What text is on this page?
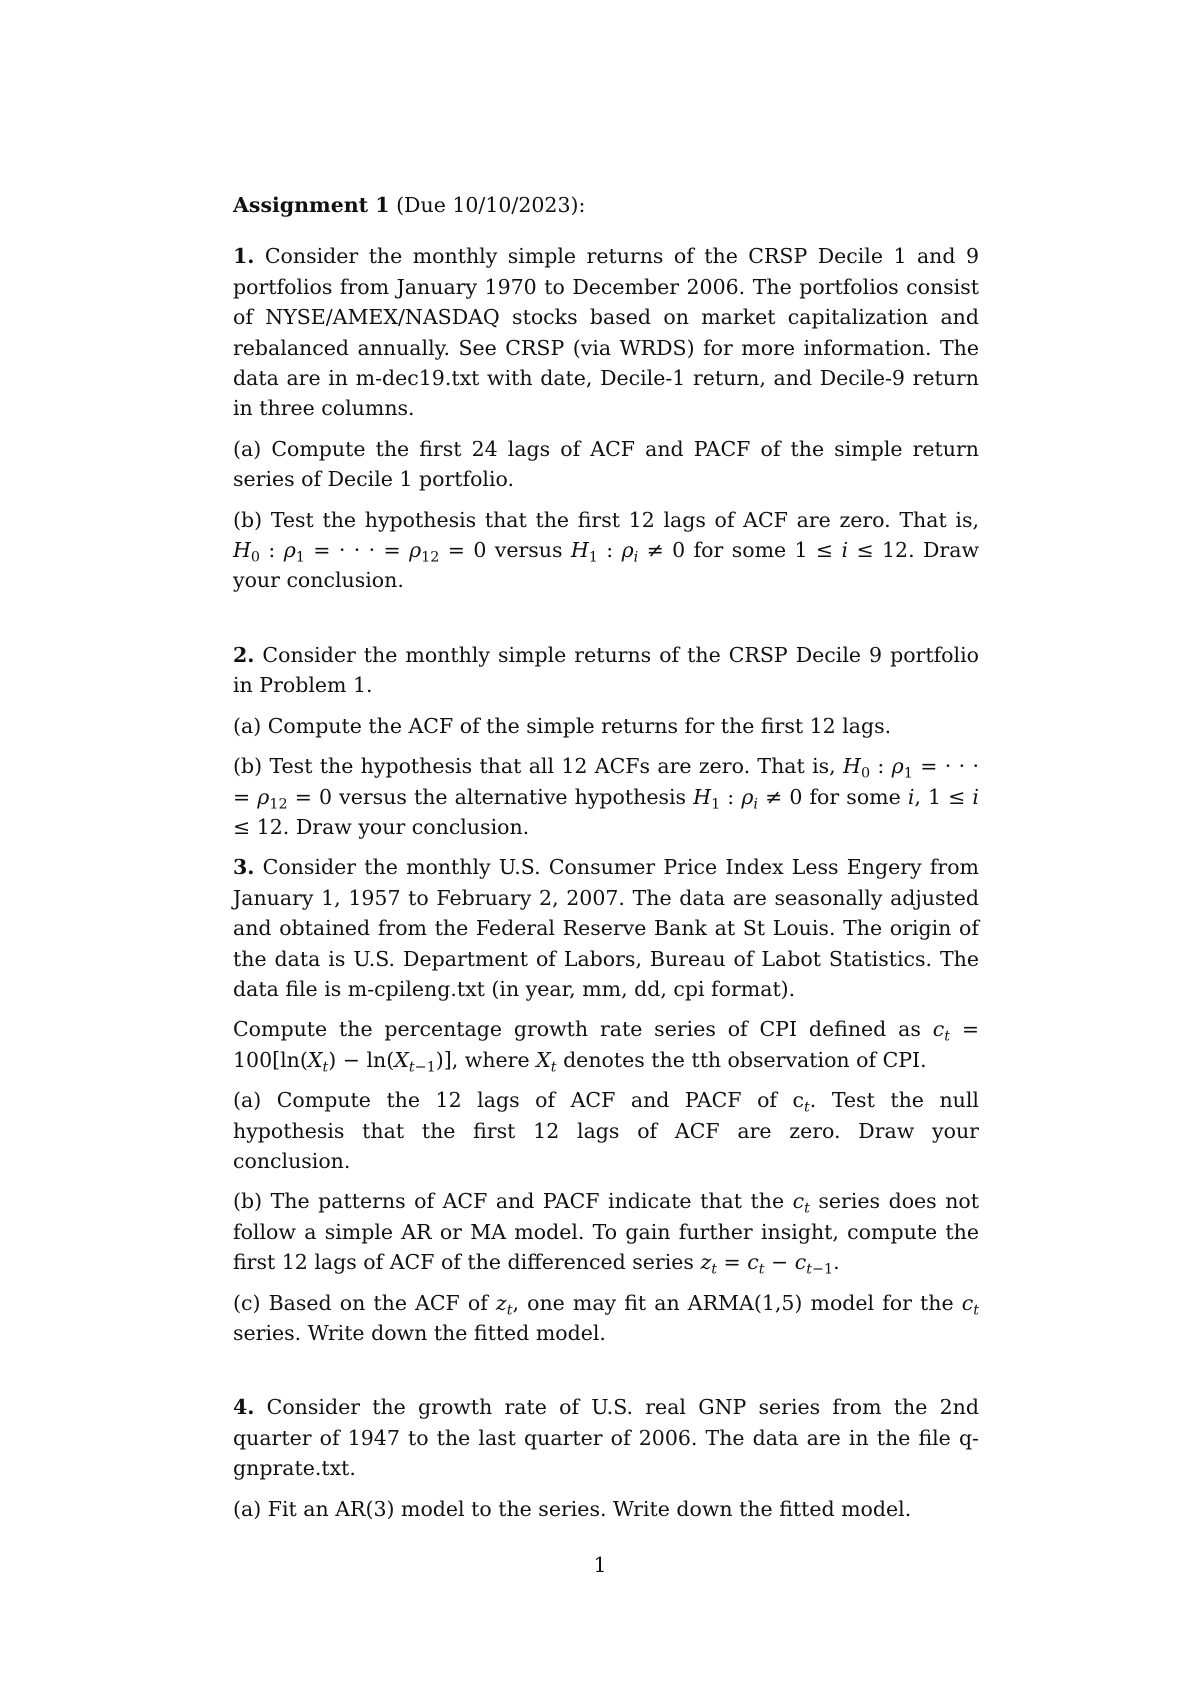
Assignment 1 (Due 10/10/2023):

1. Consider the monthly simple returns of the CRSP Decile 1 and 9 portfolios from January 1970 to December 2006. The portfolios consist of NYSE/AMEX/NASDAQ stocks based on market capitalization and rebalanced annually. See CRSP (via WRDS) for more information. The data are in m-dec19.txt with date, Decile-1 return, and Decile-9 return in three columns.

(a) Compute the first 24 lags of ACF and PACF of the simple return series of Decile 1 portfolio.

(b) Test the hypothesis that the first 12 lags of ACF are zero. That is, $H_0$ : $\rho_1$ = · · · = $\rho_{12} = 0$ versus $H_1$ : $\rho_i \ne 0$ for some 1 ≤ i ≤ 12. Draw your conclusion.

2. Consider the monthly simple returns of the CRSP Decile 9 portfolio in Problem 1.

(a) Compute the ACF of the simple returns for the first 12 lags.

(b) Test the hypothesis that all 12 ACFs are zero. That is, $H_0$ : $\rho_1$ = · · · = $\rho_{12} = 0$ versus the alternative hypothesis $H_1$ : $\rho_i \ne 0$ for some i, 1 ≤ i ≤ 12. Draw your conclusion.

3. Consider the monthly U.S. Consumer Price Index Less Engery from January 1, 1957 to February 2, 2007. The data are seasonally adjusted and obtained from the Federal Reserve Bank at St Louis. The origin of the data is U.S. Department of Labors, Bureau of Labot Statistics. The data file is m-cpileng.txt (in year, mm, dd, cpi format).

Compute the percentage growth rate series of CPI defined as $c_t = 100[\ln(X_t) - \ln(X_{t-1})]$, where $X_t$ denotes the tth observation of CPI.

(a) Compute the 12 lags of ACF and PACF of $c_t$. Test the null hypothesis that the first 12 lags of ACF are zero. Draw your conclusion.

(b) The patterns of ACF and PACF indicate that the $c_t$ series does not follow a simple AR or MA model. To gain further insight, compute the first 12 lags of ACF of the differenced series $z_t = c_t - c_{t-1}$.

(c) Based on the ACF of $z_t$, one may fit an ARMA(1,5) model for the $c_t$ series. Write down the fitted model.

4. Consider the growth rate of U.S. real GNP series from the 2nd quarter of 1947 to the last quarter of 2006. The data are in the file q-gnprate.txt.

(a) Fit an AR(3) model to the series. Write down the fitted model.

1
